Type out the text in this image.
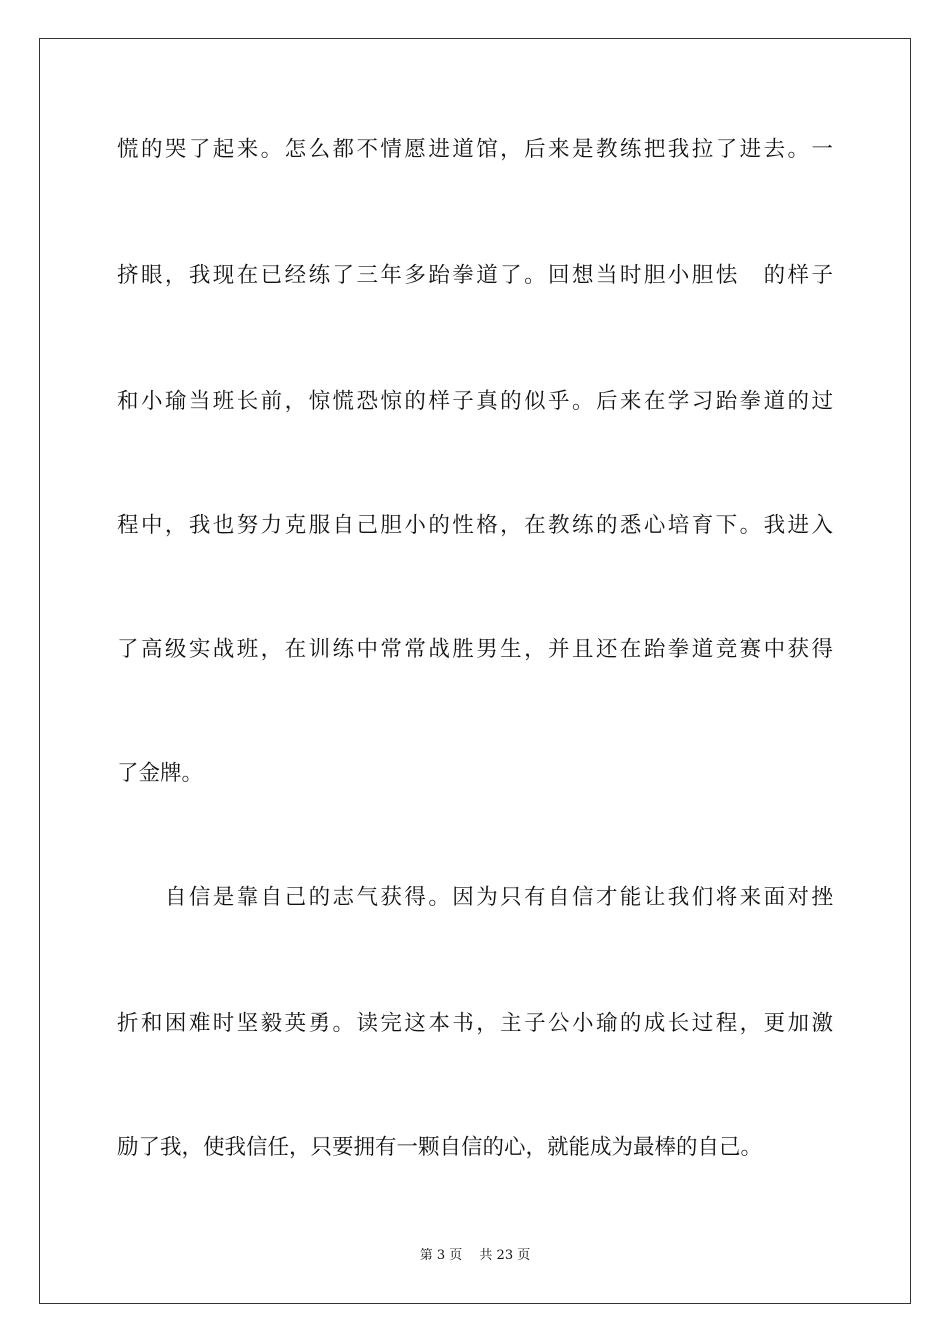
慌的哭了起来。怎么都不情愿进道馆，后来是教练把我拉了进去。一
挤眼，我现在已经练了三年多跆拳道了。回想当时胆小胆怯　的样子
和小瑜当班长前，惊慌恐惊的样子真的似乎。后来在学习跆拳道的过
程中，我也努力克服自己胆小的性格，在教练的悉心培育下。我进入
了高级实战班，在训练中常常战胜男生，并且还在跆拳道竞赛中获得
了金牌。
　　自信是靠自己的志气获得。因为只有自信才能让我们将来面对挫
折和困难时坚毅英勇。读完这本书，主子公小瑜的成长过程，更加激
励了我，使我信任，只要拥有一颗自信的心，就能成为最棒的自己。
第 3 页　 共 23 页
